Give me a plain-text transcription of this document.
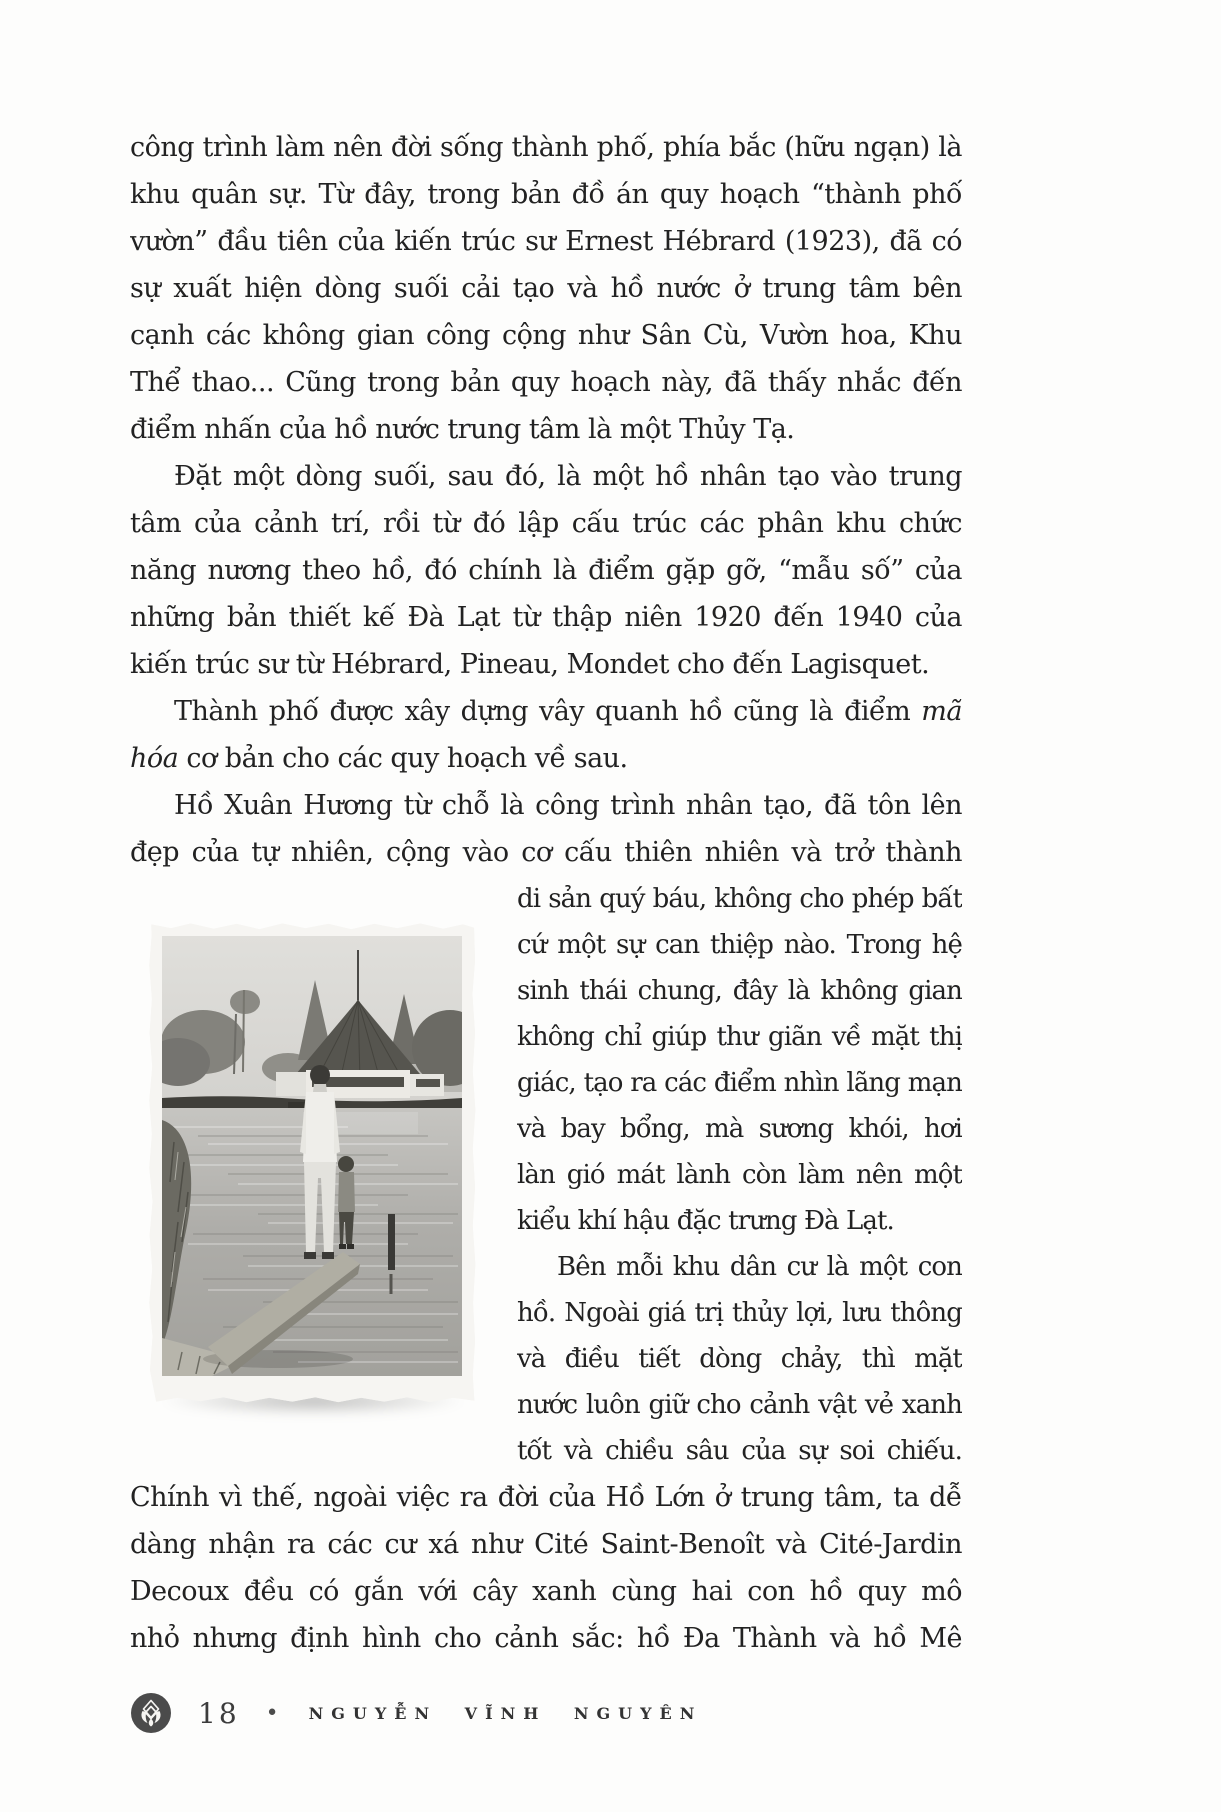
công trình làm nên đời sống thành phố, phía bắc (hữu ngạn) là
khu quân sự. Từ đây, trong bản đồ án quy hoạch “thành phố
vườn” đầu tiên của kiến trúc sư Ernest Hébrard (1923), đã có
sự xuất hiện dòng suối cải tạo và hồ nước ở trung tâm bên
cạnh các không gian công cộng như Sân Cù, Vườn hoa, Khu
Thể thao... Cũng trong bản quy hoạch này, đã thấy nhắc đến
điểm nhấn của hồ nước trung tâm là một Thủy Tạ.
Đặt một dòng suối, sau đó, là một hồ nhân tạo vào trung
tâm của cảnh trí, rồi từ đó lập cấu trúc các phân khu chức
năng nương theo hồ, đó chính là điểm gặp gỡ, “mẫu số” của
những bản thiết kế Đà Lạt từ thập niên 1920 đến 1940 của
kiến trúc sư từ Hébrard, Pineau, Mondet cho đến Lagisquet.
Thành phố được xây dựng vây quanh hồ cũng là điểm mã
hóa cơ bản cho các quy hoạch về sau.
Hồ Xuân Hương từ chỗ là công trình nhân tạo, đã tôn lên
đẹp của tự nhiên, cộng vào cơ cấu thiên nhiên và trở thành
di sản quý báu, không cho phép bất
cứ một sự can thiệp nào. Trong hệ
sinh thái chung, đây là không gian
không chỉ giúp thư giãn về mặt thị
giác, tạo ra các điểm nhìn lãng mạn
và bay bổng, mà sương khói, hơi
làn gió mát lành còn làm nên một
kiểu khí hậu đặc trưng Đà Lạt.
Bên mỗi khu dân cư là một con
hồ. Ngoài giá trị thủy lợi, lưu thông
và điều tiết dòng chảy, thì mặt
nước luôn giữ cho cảnh vật vẻ xanh
tốt và chiều sâu của sự soi chiếu.
Chính vì thế, ngoài việc ra đời của Hồ Lớn ở trung tâm, ta dễ
dàng nhận ra các cư xá như Cité Saint-Benoît và Cité-Jardin
Decoux đều có gắn với cây xanh cùng hai con hồ quy mô
nhỏ nhưng định hình cho cảnh sắc: hồ Đa Thành và hồ Mê
18 • NGUYỄN VĨNH NGUYÊN
